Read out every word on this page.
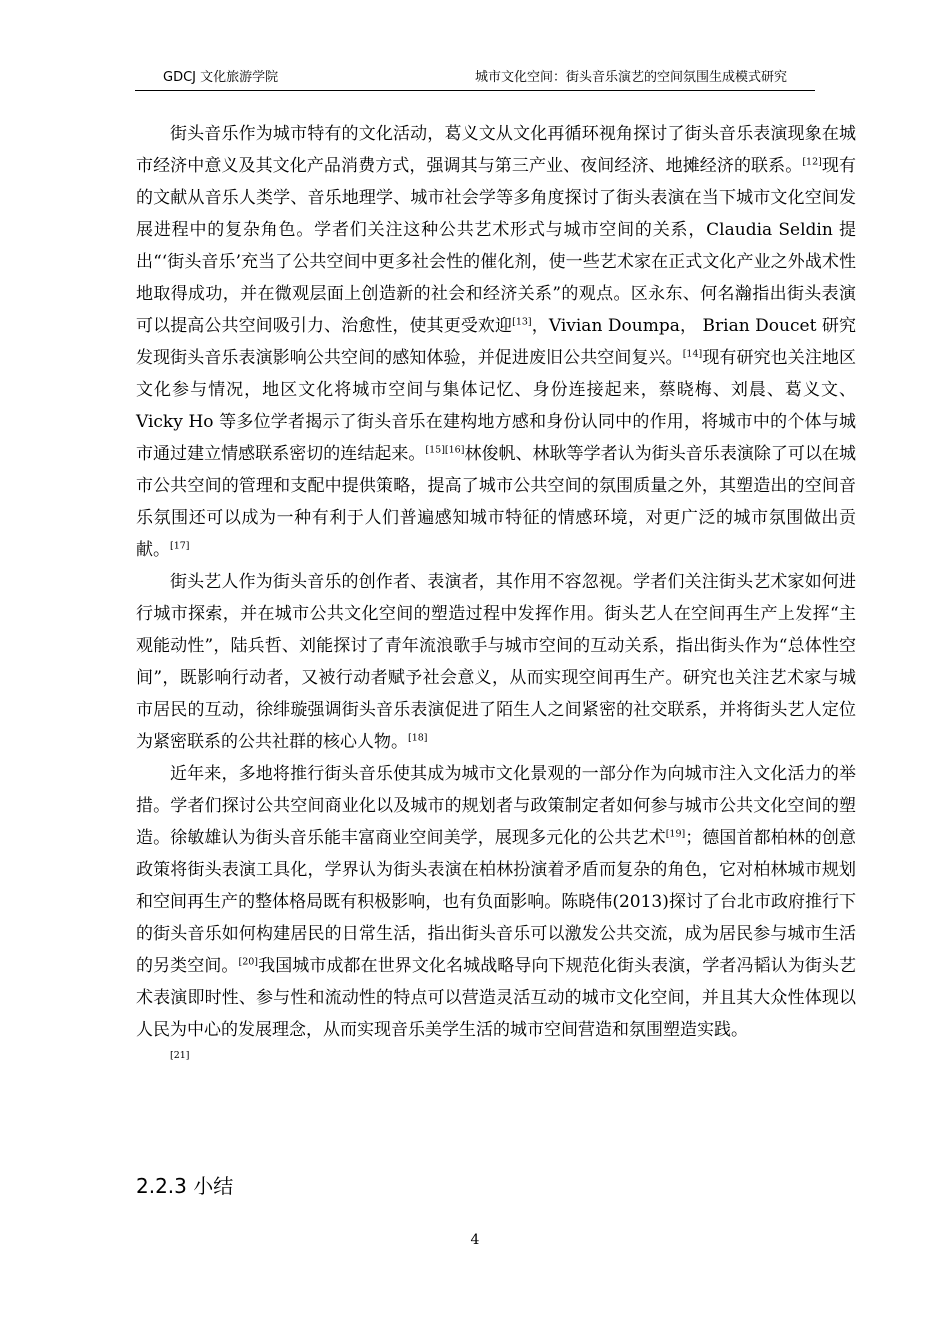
GDCJ 文化旅游学院	城市文化空间：街头音乐演艺的空间氛围生成模式研究

街头音乐作为城市特有的文化活动，葛义文从文化再循环视角探讨了街头音乐表演现象在城市经济中意义及其文化产品消费方式，强调其与第三产业、夜间经济、地摊经济的联系。[12]现有的文献从音乐人类学、音乐地理学、城市社会学等多角度探讨了街头表演在当下城市文化空间发展进程中的复杂角色。学者们关注这种公共艺术形式与城市空间的关系，Claudia Seldin 提出“‘街头音乐’充当了公共空间中更多社会性的催化剂，使一些艺术家在正式文化产业之外战术性地取得成功，并在微观层面上创造新的社会和经济关系”的观点。区永东、何名瀚指出街头表演可以提高公共空间吸引力、治愈性，使其更受欢迎[13]，Vivian Doumpa， Brian Doucet 研究发现街头音乐表演影响公共空间的感知体验，并促进废旧公共空间复兴。[14]现有研究也关注地区文化参与情况，地区文化将城市空间与集体记忆、身份连接起来，蔡晓梅、刘晨、葛义文、Vicky Ho 等多位学者揭示了街头音乐在建构地方感和身份认同中的作用，将城市中的个体与城市通过建立情感联系密切的连结起来。[15][16]林俊帆、林耿等学者认为街头音乐表演除了可以在城市公共空间的管理和支配中提供策略，提高了城市公共空间的氛围质量之外，其塑造出的空间音乐氛围还可以成为一种有利于人们普遍感知城市特征的情感环境，对更广泛的城市氛围做出贡献。[17]

街头艺人作为街头音乐的创作者、表演者，其作用不容忽视。学者们关注街头艺术家如何进行城市探索，并在城市公共文化空间的塑造过程中发挥作用。街头艺人在空间再生产上发挥“主观能动性”，陆兵哲、刘能探讨了青年流浪歌手与城市空间的互动关系，指出街头作为“总体性空间”，既影响行动者，又被行动者赋予社会意义，从而实现空间再生产。研究也关注艺术家与城市居民的互动，徐绯璇强调街头音乐表演促进了陌生人之间紧密的社交联系，并将街头艺人定位为紧密联系的公共社群的核心人物。[18]

近年来，多地将推行街头音乐使其成为城市文化景观的一部分作为向城市注入文化活力的举措。学者们探讨公共空间商业化以及城市的规划者与政策制定者如何参与城市公共文化空间的塑造。徐敏雄认为街头音乐能丰富商业空间美学，展现多元化的公共艺术[19]；德国首都柏林的创意政策将街头表演工具化，学界认为街头表演在柏林扮演着矛盾而复杂的角色，它对柏林城市规划和空间再生产的整体格局既有积极影响，也有负面影响。陈晓伟(2013)探讨了台北市政府推行下的街头音乐如何构建居民的日常生活，指出街头音乐可以激发公共交流，成为居民参与城市生活的另类空间。[20]我国城市成都在世界文化名城战略导向下规范化街头表演，学者冯韬认为街头艺术表演即时性、参与性和流动性的特点可以营造灵活互动的城市文化空间，并且其大众性体现以人民为中心的发展理念，从而实现音乐美学生活的城市空间营造和氛围塑造实践。
[21]

2.2.3 小结
4
